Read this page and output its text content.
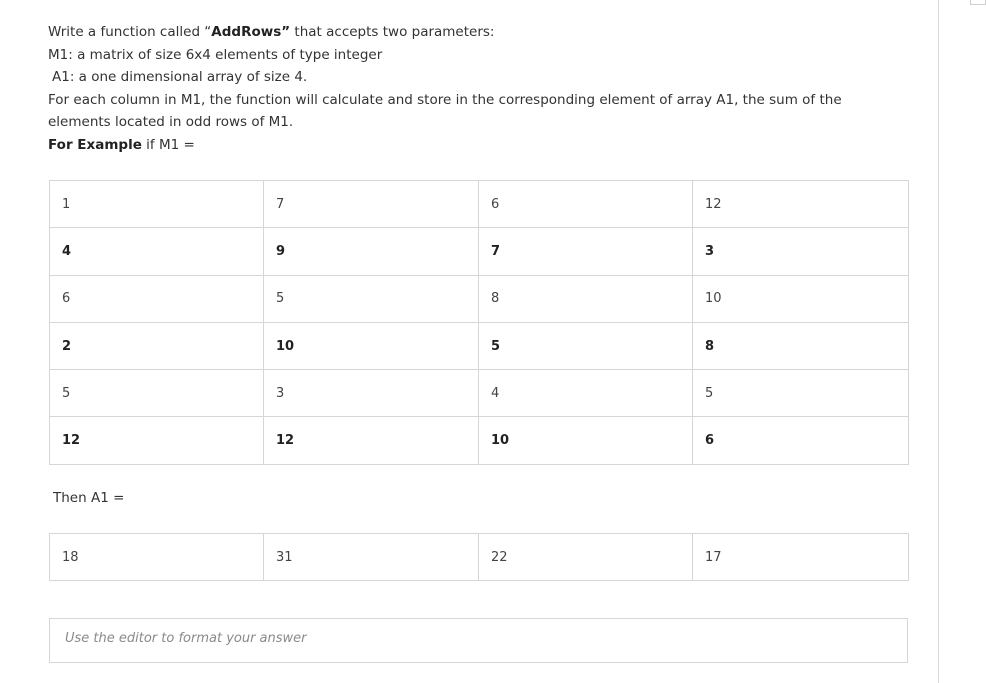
Write a function called “AddRows” that accepts two parameters:
M1: a matrix of size 6x4 elements of type integer
A1: a one dimensional array of size 4.
For each column in M1, the function will calculate and store in the corresponding element of array A1, the sum of the elements located in odd rows of M1.
For Example if M1 =
1	7	6	12
4	9	7	3
6	5	8	10
2	10	5	8
5	3	4	5
12	12	10	6
Then A1 =
18	31	22	17
Use the editor to format your answer
